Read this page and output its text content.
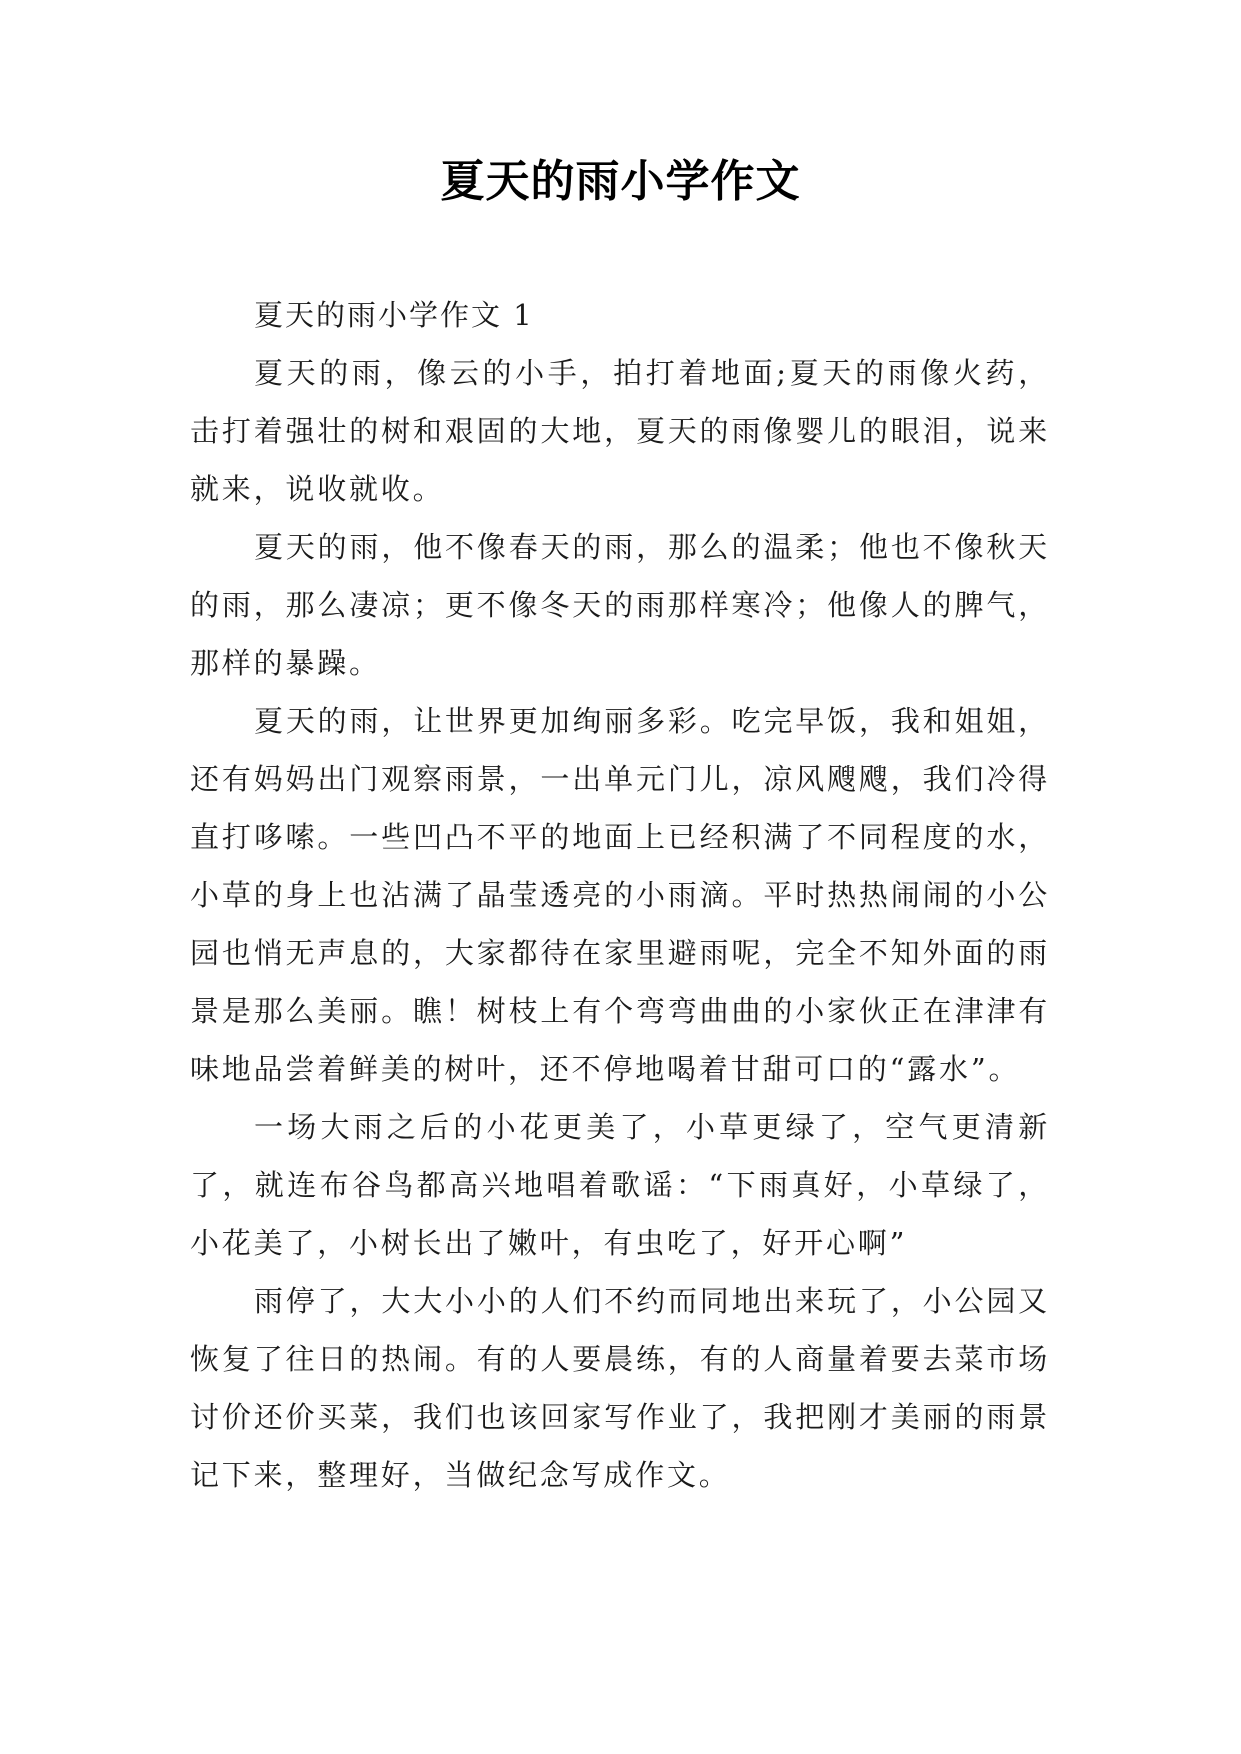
夏天的雨小学作文

夏天的雨小学作文 1

夏天的雨，像云的小手，拍打着地面;夏天的雨像火药，击打着强壮的树和艰固的大地，夏天的雨像婴儿的眼泪，说来就来，说收就收。

夏天的雨，他不像春天的雨，那么的温柔；他也不像秋天的雨，那么凄凉；更不像冬天的雨那样寒冷；他像人的脾气，那样的暴躁。

夏天的雨，让世界更加绚丽多彩。吃完早饭，我和姐姐，还有妈妈出门观察雨景，一出单元门儿，凉风飕飕，我们冷得直打哆嗦。一些凹凸不平的地面上已经积满了不同程度的水，小草的身上也沾满了晶莹透亮的小雨滴。平时热热闹闹的小公园也悄无声息的，大家都待在家里避雨呢，完全不知外面的雨景是那么美丽。瞧！树枝上有个弯弯曲曲的小家伙正在津津有味地品尝着鲜美的树叶，还不停地喝着甘甜可口的“露水”。

一场大雨之后的小花更美了，小草更绿了，空气更清新了，就连布谷鸟都高兴地唱着歌谣：“下雨真好，小草绿了，小花美了，小树长出了嫩叶，有虫吃了，好开心啊”

雨停了，大大小小的人们不约而同地出来玩了，小公园又恢复了往日的热闹。有的人要晨练，有的人商量着要去菜市场讨价还价买菜，我们也该回家写作业了，我把刚才美丽的雨景记下来，整理好，当做纪念写成作文。
